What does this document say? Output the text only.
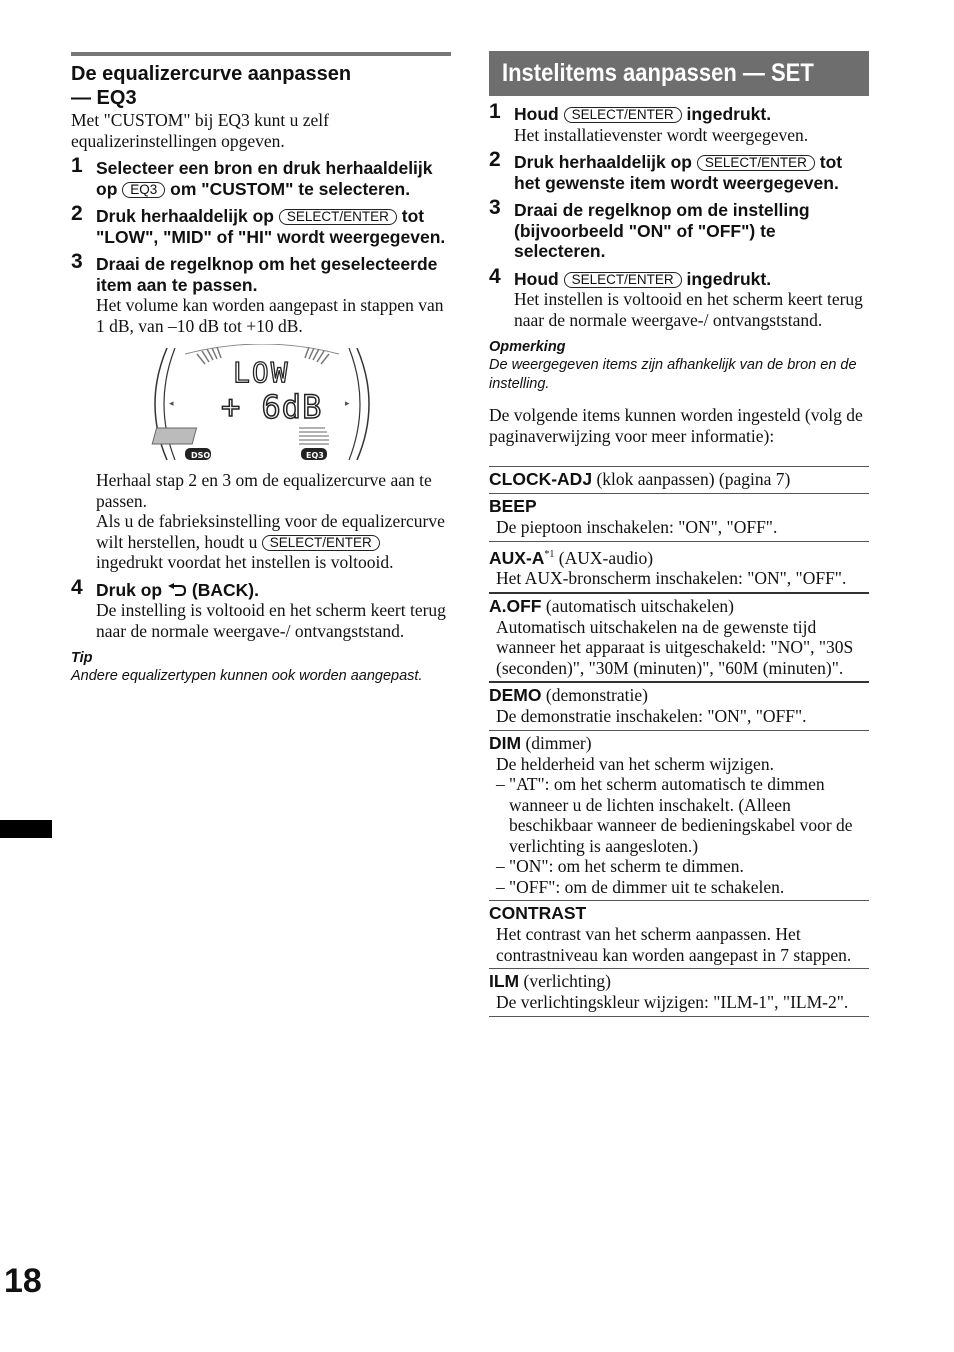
De equalizercurve aanpassen
— EQ3
Met "CUSTOM" bij EQ3 kunt u zelf equalizerinstellingen opgeven.
1 Selecteer een bron en druk herhaaldelijk op EQ3 om "CUSTOM" te selecteren.
2 Druk herhaaldelijk op SELECT/ENTER tot "LOW", "MID" of "HI" wordt weergegeven.
3 Draai de regelknop om het geselecteerde item aan te passen.
Het volume kan worden aangepast in stappen van 1 dB, van –10 dB tot +10 dB.
◂	▸
LOW
+ 6dB
DSO	EQ3
Herhaal stap 2 en 3 om de equalizercurve aan te passen.
Als u de fabrieksinstelling voor de equalizercurve wilt herstellen, houdt u SELECT/ENTER ingedrukt voordat het instellen is voltooid.
4 Druk op (BACK).
De instelling is voltooid en het scherm keert terug naar de normale weergave-/ ontvangststand.
Tip
Andere equalizertypen kunnen ook worden aangepast.
Instelitems aanpassen — SET
1 Houd SELECT/ENTER ingedrukt.
Het installatievenster wordt weergegeven.
2 Druk herhaaldelijk op SELECT/ENTER tot het gewenste item wordt weergegeven.
3 Draai de regelknop om de instelling (bijvoorbeeld "ON" of "OFF") te selecteren.
4 Houd SELECT/ENTER ingedrukt.
Het instellen is voltooid en het scherm keert terug naar de normale weergave-/ ontvangststand.
Opmerking
De weergegeven items zijn afhankelijk van de bron en de instelling.
De volgende items kunnen worden ingesteld (volg de paginaverwijzing voor meer informatie):
CLOCK-ADJ (klok aanpassen) (pagina 7)
BEEP
De pieptoon inschakelen: "ON", "OFF".
AUX-$A^{*1}$ (AUX-audio)
Het AUX-bronscherm inschakelen: "ON", "OFF".
A.OFF (automatisch uitschakelen)
Automatisch uitschakelen na de gewenste tijd wanneer het apparaat is uitgeschakeld: "NO", "30S (seconden)", "30M (minuten)", "60M (minuten)".
DEMO (demonstratie)
De demonstratie inschakelen: "ON", "OFF".
DIM (dimmer)
De helderheid van het scherm wijzigen.
– "AT": om het scherm automatisch te dimmen wanneer u de lichten inschakelt. (Alleen beschikbaar wanneer de bedieningskabel voor de verlichting is aangesloten.)
– "ON": om het scherm te dimmen.
– "OFF": om de dimmer uit te schakelen.
CONTRAST
Het contrast van het scherm aanpassen. Het contrastniveau kan worden aangepast in 7 stappen.
ILM (verlichting)
De verlichtingskleur wijzigen: "ILM-1", "ILM-2".
18
